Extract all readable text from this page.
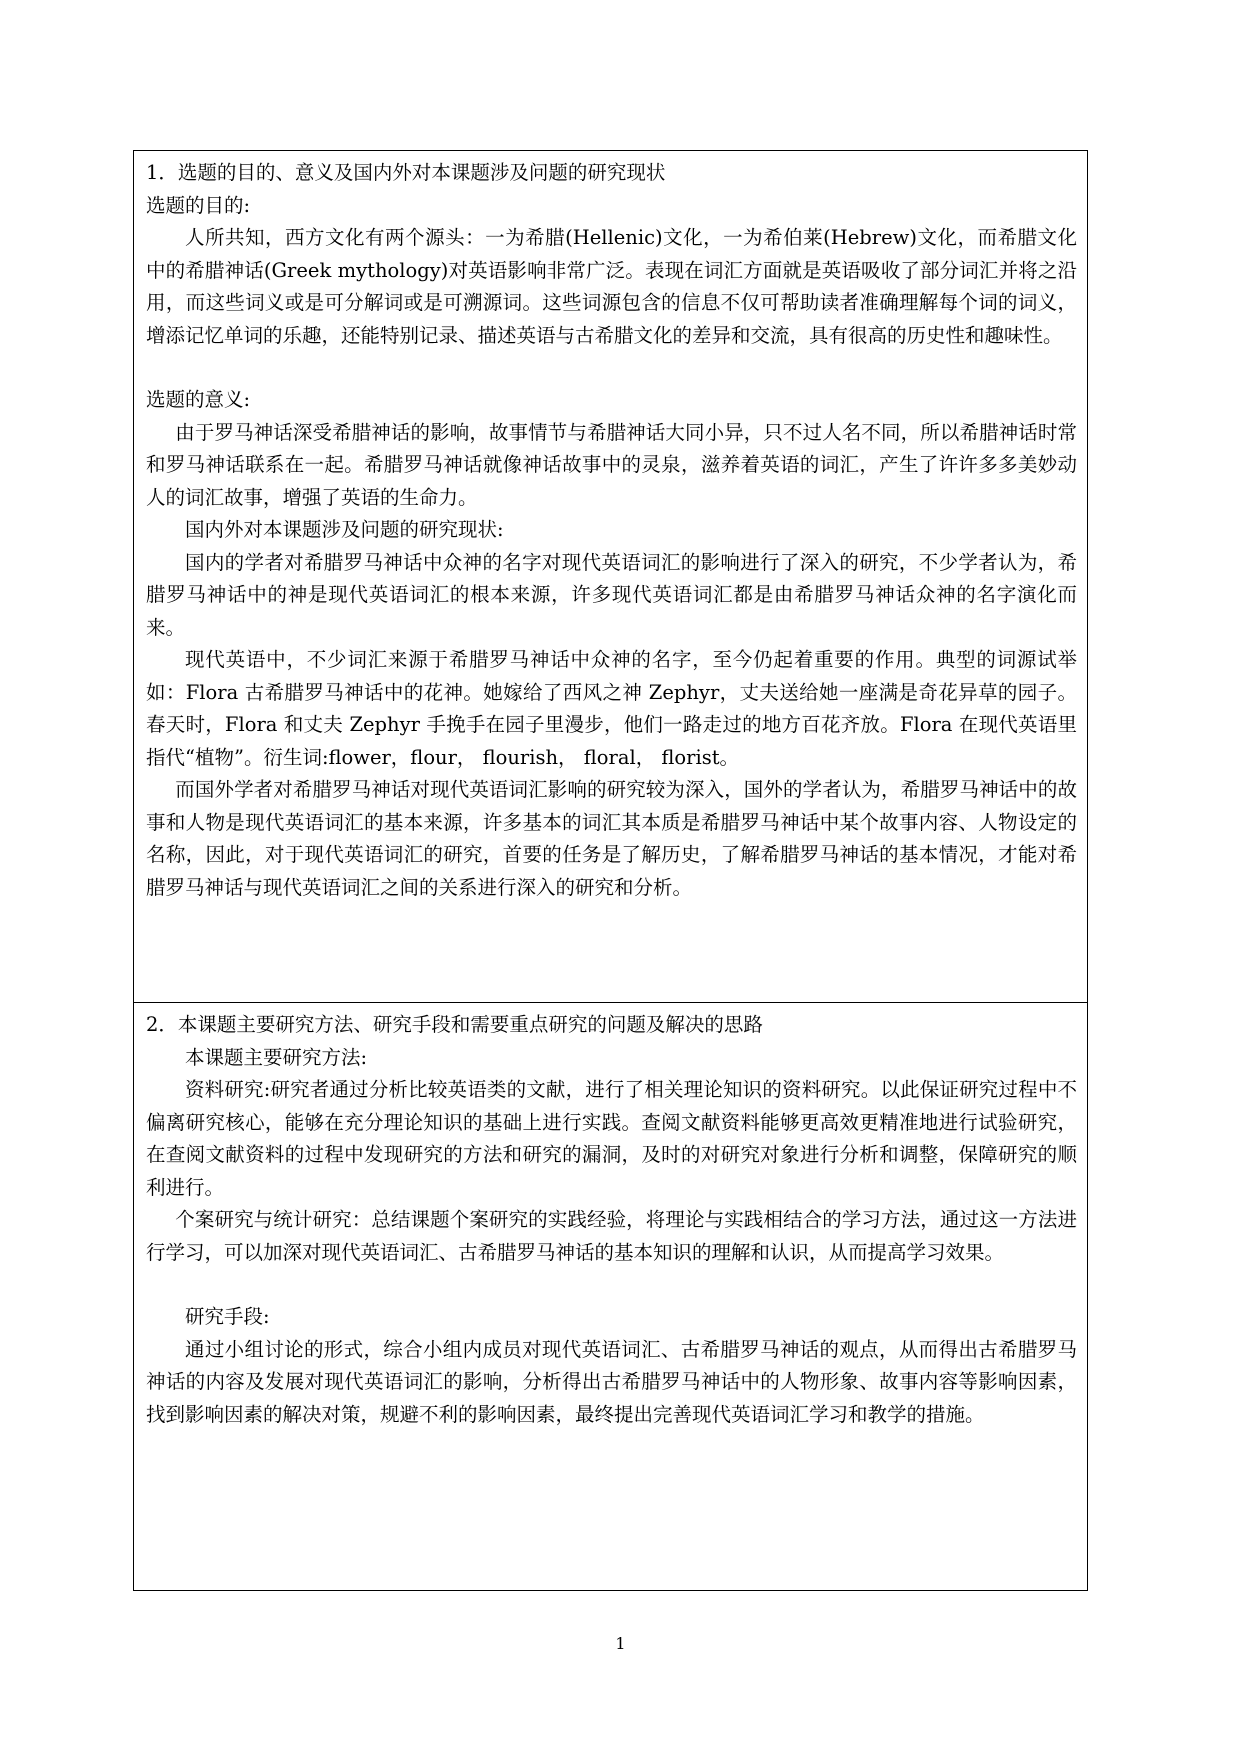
1．选题的目的、意义及国内外对本课题涉及问题的研究现状

选题的目的:

人所共知，西方文化有两个源头：一为希腊(Hellenic)文化，一为希伯莱(Hebrew)文化，而希腊文化中的希腊神话(Greek mythology)对英语影响非常广泛。表现在词汇方面就是英语吸收了部分词汇并将之沿用，而这些词义或是可分解词或是可溯源词。这些词源包含的信息不仅可帮助读者准确理解每个词的词义，增添记忆单词的乐趣，还能特别记录、描述英语与古希腊文化的差异和交流，具有很高的历史性和趣味性。

选题的意义:

由于罗马神话深受希腊神话的影响，故事情节与希腊神话大同小异，只不过人名不同，所以希腊神话时常和罗马神话联系在一起。希腊罗马神话就像神话故事中的灵泉，滋养着英语的词汇，产生了许许多多美妙动人的词汇故事，增强了英语的生命力。

国内外对本课题涉及问题的研究现状:

国内的学者对希腊罗马神话中众神的名字对现代英语词汇的影响进行了深入的研究，不少学者认为，希腊罗马神话中的神是现代英语词汇的根本来源，许多现代英语词汇都是由希腊罗马神话众神的名字演化而来。

现代英语中，不少词汇来源于希腊罗马神话中众神的名字，至今仍起着重要的作用。典型的词源试举如：Flora 古希腊罗马神话中的花神。她嫁给了西风之神 Zephyr，丈夫送给她一座满是奇花异草的园子。春天时，Flora 和丈夫 Zephyr 手挽手在园子里漫步，他们一路走过的地方百花齐放。Flora 在现代英语里指代“植物”。衍生词:flower，flour， flourish， floral， florist。

而国外学者对希腊罗马神话对现代英语词汇影响的研究较为深入，国外的学者认为，希腊罗马神话中的故事和人物是现代英语词汇的基本来源，许多基本的词汇其本质是希腊罗马神话中某个故事内容、人物设定的名称，因此，对于现代英语词汇的研究，首要的任务是了解历史，了解希腊罗马神话的基本情况，才能对希腊罗马神话与现代英语词汇之间的关系进行深入的研究和分析。

2．本课题主要研究方法、研究手段和需要重点研究的问题及解决的思路

本课题主要研究方法:

资料研究:研究者通过分析比较英语类的文献，进行了相关理论知识的资料研究。以此保证研究过程中不偏离研究核心，能够在充分理论知识的基础上进行实践。查阅文献资料能够更高效更精准地进行试验研究，在查阅文献资料的过程中发现研究的方法和研究的漏洞，及时的对研究对象进行分析和调整，保障研究的顺利进行。

个案研究与统计研究：总结课题个案研究的实践经验，将理论与实践相结合的学习方法，通过这一方法进行学习，可以加深对现代英语词汇、古希腊罗马神话的基本知识的理解和认识，从而提高学习效果。

研究手段:

通过小组讨论的形式，综合小组内成员对现代英语词汇、古希腊罗马神话的观点，从而得出古希腊罗马神话的内容及发展对现代英语词汇的影响，分析得出古希腊罗马神话中的人物形象、故事内容等影响因素，找到影响因素的解决对策，规避不利的影响因素，最终提出完善现代英语词汇学习和教学的措施。

1
